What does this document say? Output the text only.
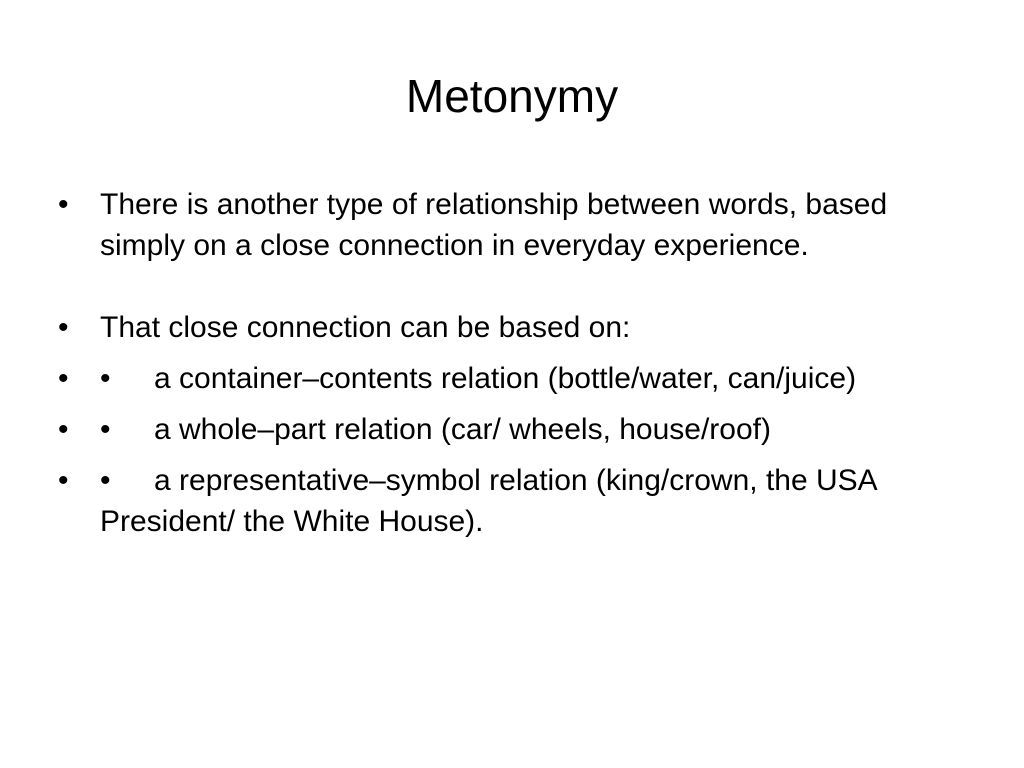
Metonymy
•	There is another type of relationship between words, based simply on a close connection in everyday experience.
•	That close connection can be based on:
•	• a container–contents relation (bottle/water, can/juice)
•	• a whole–part relation (car/ wheels, house/roof)
•	• a representative–symbol relation (king/crown, the USA President/ the White House).
